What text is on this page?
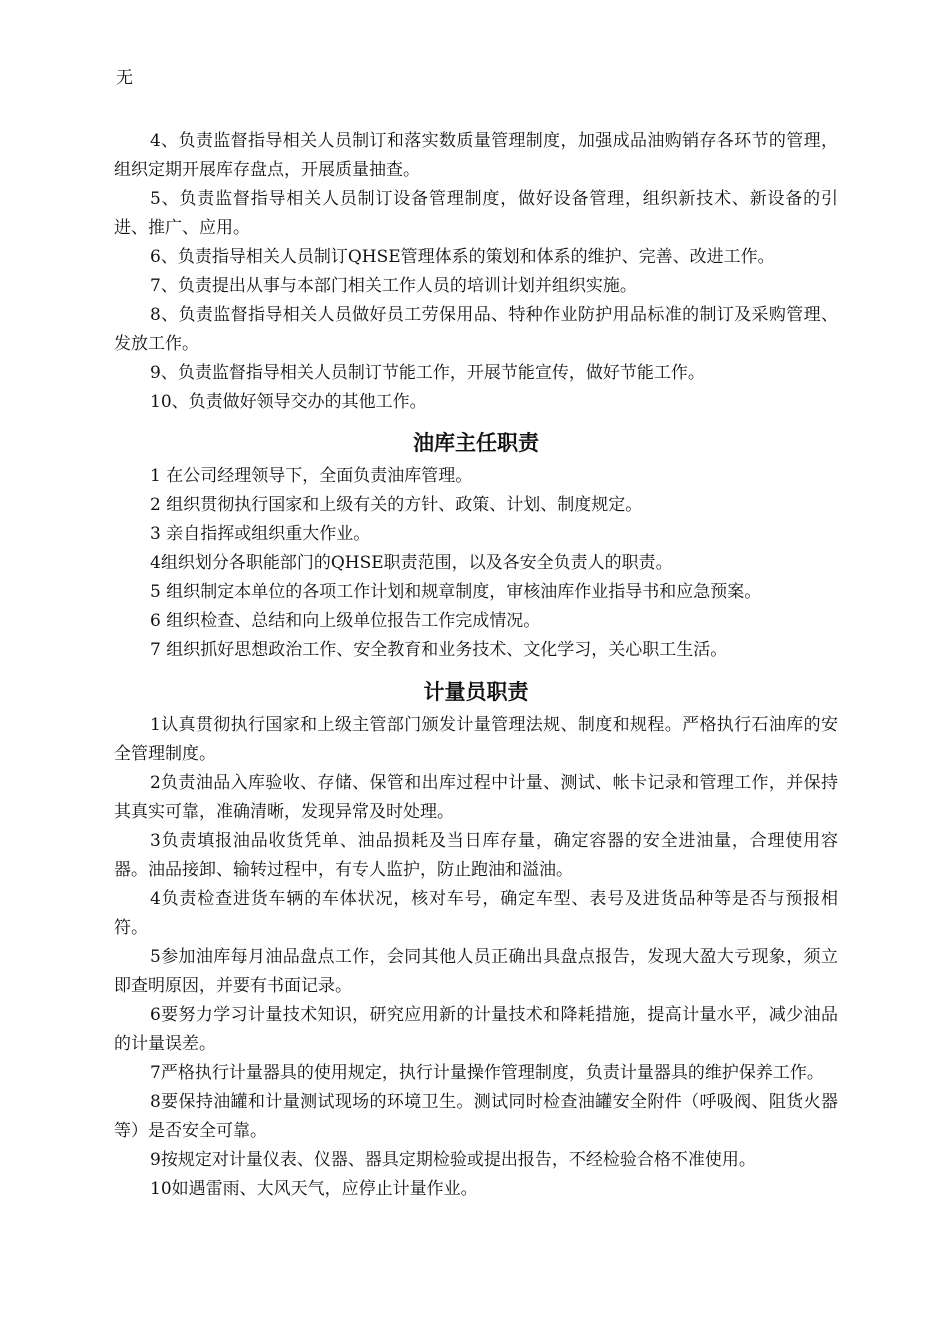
无

4、负责监督指导相关人员制订和落实数质量管理制度，加强成品油购销存各环节的管理，组织定期开展库存盘点，开展质量抽查。

5、负责监督指导相关人员制订设备管理制度，做好设备管理，组织新技术、新设备的引进、推广、应用。

6、负责指导相关人员制订QHSE管理体系的策划和体系的维护、完善、改进工作。

7、负责提出从事与本部门相关工作人员的培训计划并组织实施。

8、负责监督指导相关人员做好员工劳保用品、特种作业防护用品标准的制订及采购管理、发放工作。

9、负责监督指导相关人员制订节能工作，开展节能宣传，做好节能工作。

10、负责做好领导交办的其他工作。

油库主任职责

1 在公司经理领导下，全面负责油库管理。

2 组织贯彻执行国家和上级有关的方针、政策、计划、制度规定。

3 亲自指挥或组织重大作业。

4组织划分各职能部门的QHSE职责范围，以及各安全负责人的职责。

5 组织制定本单位的各项工作计划和规章制度，审核油库作业指导书和应急预案。

6 组织检查、总结和向上级单位报告工作完成情况。

7 组织抓好思想政治工作、安全教育和业务技术、文化学习，关心职工生活。

计量员职责

1认真贯彻执行国家和上级主管部门颁发计量管理法规、制度和规程。严格执行石油库的安全管理制度。

2负责油品入库验收、存储、保管和出库过程中计量、测试、帐卡记录和管理工作，并保持其真实可靠，准确清晰，发现异常及时处理。

3负责填报油品收货凭单、油品损耗及当日库存量，确定容器的安全进油量，合理使用容器。油品接卸、输转过程中，有专人监护，防止跑油和溢油。

4负责检查进货车辆的车体状况，核对车号，确定车型、表号及进货品种等是否与预报相符。

5参加油库每月油品盘点工作，会同其他人员正确出具盘点报告，发现大盈大亏现象，须立即查明原因，并要有书面记录。

6要努力学习计量技术知识，研究应用新的计量技术和降耗措施，提高计量水平，减少油品的计量误差。

7严格执行计量器具的使用规定，执行计量操作管理制度，负责计量器具的维护保养工作。

8要保持油罐和计量测试现场的环境卫生。测试同时检查油罐安全附件（呼吸阀、阻货火器等）是否安全可靠。

9按规定对计量仪表、仪器、器具定期检验或提出报告，不经检验合格不准使用。

10如遇雷雨、大风天气，应停止计量作业。
